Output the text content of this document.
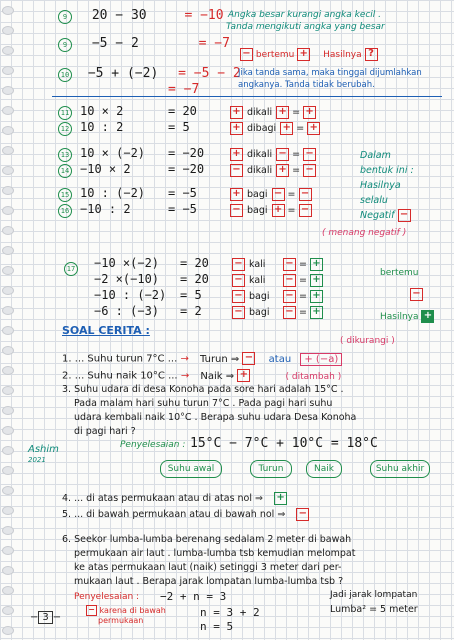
9 20 − 30	= −10
9 −5 − 2	= −7
10 −5 + (−2) = −5 − 2
= −7
Angka besar kurangi angka kecil .
Tanda mengikuti angka yang besar
− bertemu + Hasilnya ?
Jika tanda sama, maka tinggal dijumlahkan
angkanya. Tanda tidak berubah.
11 10 × 2	= 20	+ dikali + = +
12 10 : 2	= 5	+ dibagi + = +
13 10 × (−2) = −20	+ dikali − = −
14 −10 × 2	= −20	− dikali + = −
15 10 : (−2) = −5	+ bagi − = −
16 −10 : 2	= −5	− bagi + = −
Dalam
bentuk ini :
Hasilnya
selalu
Negatif −
( menang negatif )
17 −10 ×(−2) = 20	− kali − = +
−2 ×(−10) = 20	− kali − = +
−10 : (−2) = 5	− bagi − = +
−6 : (−3) = 2	− bagi − = +
bertemu
−
Hasilnya +
SOAL CERITA :
( dikurangi )
1. ... Suhu turun 7°C ... → Turun ⇒ − atau + (−a)
2. ... Suhu naik 10°C ... → Naik ⇒ +	( ditambah )
3. Suhu udara di desa Konoha pada sore hari adalah 15°C .
Pada malam hari suhu turun 7°C . Pada pagi hari suhu
udara kembali naik 10°C . Berapa suhu udara Desa Konoha
di pagi hari ?
Ashim
2021
Penyelesaian : 15°C − 7°C + 10°C = 18°C
Suhu awal	Turun	Naik	Suhu akhir
4. ... di atas permukaan atau di atas nol ⇒ +
5. ... di bawah permukaan atau di bawah nol ⇒ −
6. Seekor lumba-lumba berenang sedalam 2 meter di bawah
permukaan air laut . lumba-lumba tsb kemudian melompat
ke atas permukaan laut (naik) setinggi 3 meter dari per-
mukaan laut . Berapa jarak lompatan lumba-lumba tsb ?
Penyelesaian : −2 + n = 3
n = 3 + 2
n = 5
− karena di bawah
permukaan
Jadi jarak lompatan
Lumba² = 5 meter
− 3 −
